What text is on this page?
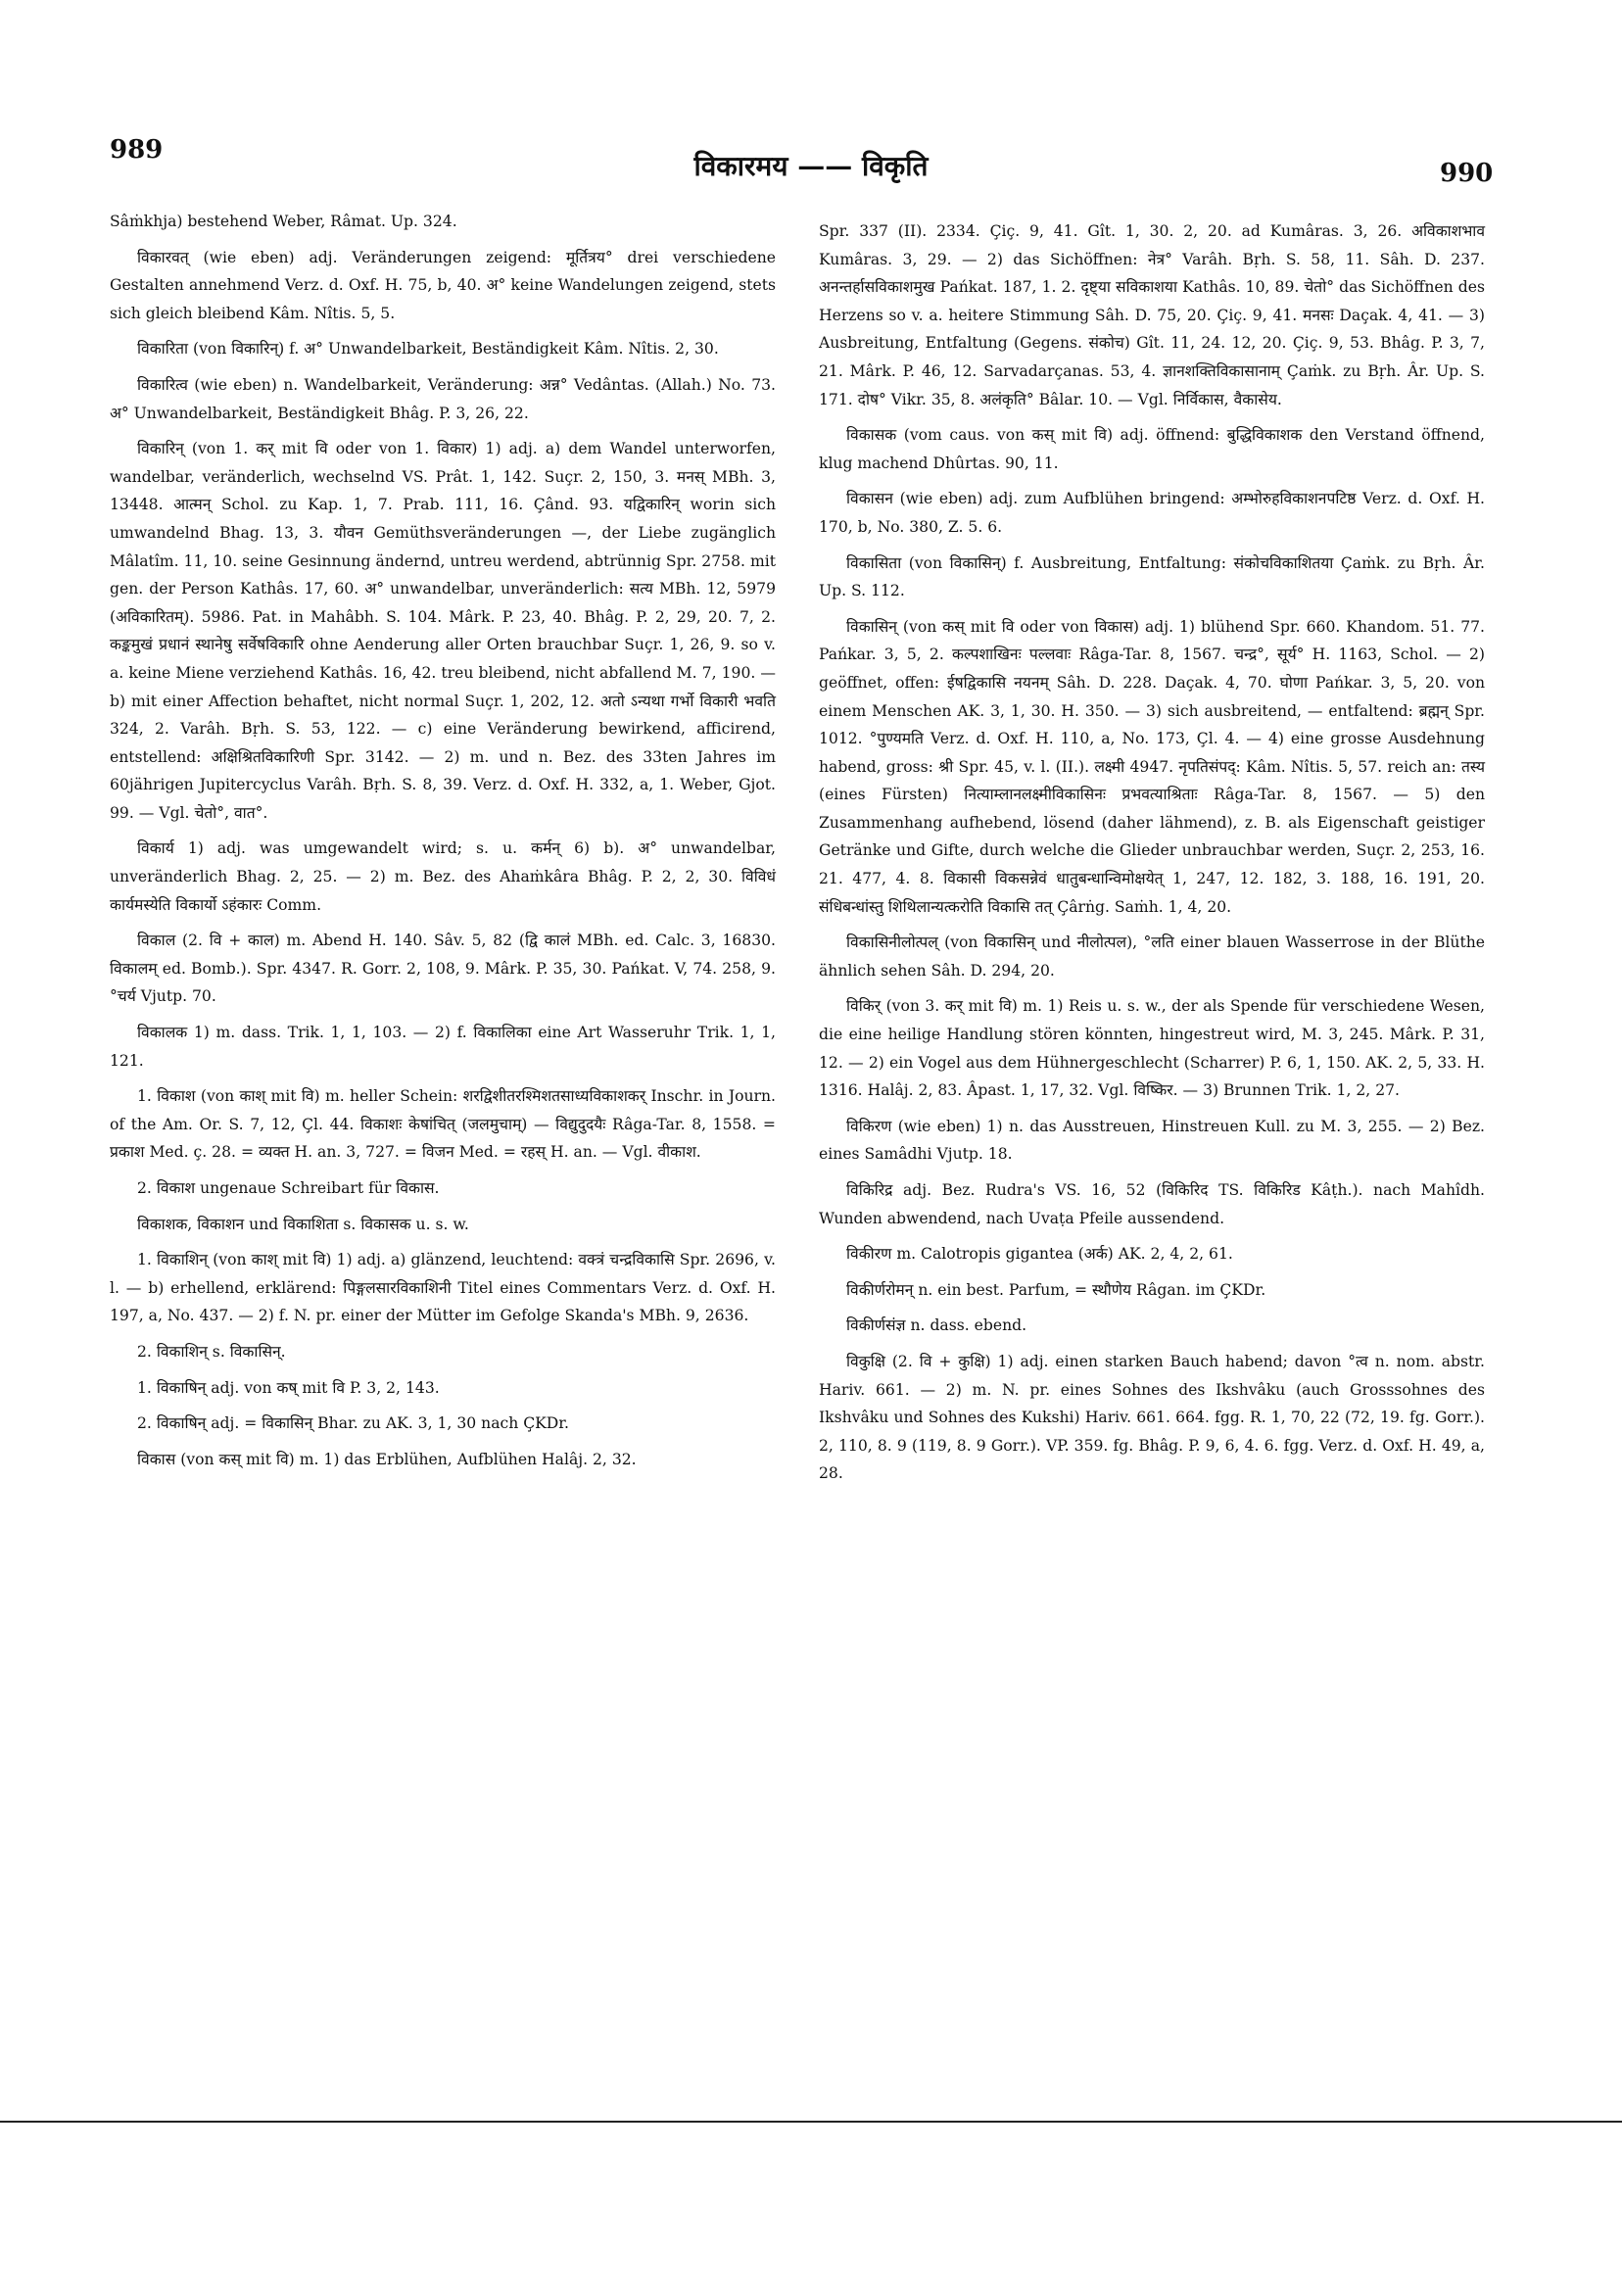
989	विकारमय —— विकृति	990

Sâṁkhja) bestehend Weber, Râmat. Up. 324.

विकारवत् (wie eben) adj. Veränderungen zeigend: मूर्तित्रय° drei verschiedene Gestalten annehmend Verz. d. Oxf. H. 75, b, 40. अ° keine Wandelungen zeigend, stets sich gleich bleibend Kâm. Nîtis. 5, 5.

विकारिता (von विकारिन्) f. अ° Unwandelbarkeit, Beständigkeit Kâm. Nîtis. 2, 30.

विकारित्व (wie eben) n. Wandelbarkeit, Veränderung: अन्न° Vedântas. (Allah.) No. 73. अ° Unwandelbarkeit, Beständigkeit Bhâg. P. 3, 26, 22.

विकारिन् (von 1. कर् mit वि oder von 1. विकार) 1) adj. a) dem Wandel unterworfen, wandelbar, veränderlich, wechselnd VS. Prât. 1, 142. Suçr. 2, 150, 3. मनस् MBh. 3, 13448. आत्मन् Schol. zu Kap. 1, 7. Prab. 111, 16. Çând. 93. यद्विकारिन् worin sich umwandelnd Bhag. 13, 3. यौवन Gemüthsveränderungen —, der Liebe zugänglich Mâlatîm. 11, 10. seine Gesinnung ändernd, untreu werdend, abtrünnig Spr. 2758. mit gen. der Person Kathâs. 17, 60. अ° unwandelbar, unveränderlich: सत्य MBh. 12, 5979 (अविकारितम्). 5986. Pat. in Mahâbh. S. 104. Mârk. P. 23, 40. Bhâg. P. 2, 29, 20. 7, 2. कङ्कमुखं प्रधानं स्थानेषु सर्वेषविकारि ohne Aenderung aller Orten brauchbar Suçr. 1, 26, 9. so v. a. keine Miene verziehend Kathâs. 16, 42. treu bleibend, nicht abfallend M. 7, 190. — b) mit einer Affection behaftet, nicht normal Suçr. 1, 202, 12. अतो ऽन्यथा गर्भो विकारी भवति 324, 2. Varâh. Bṛh. S. 53, 122. — c) eine Veränderung bewirkend, afficirend, entstellend: अक्षिश्रितविकारिणी Spr. 3142. — 2) m. und n. Bez. des 33ten Jahres im 60jährigen Jupitercyclus Varâh. Bṛh. S. 8, 39. Verz. d. Oxf. H. 332, a, 1. Weber, Gjot. 99. — Vgl. चेतो°, वात°.

विकार्य 1) adj. was umgewandelt wird; s. u. कर्मन् 6) b). अ° unwandelbar, unveränderlich Bhag. 2, 25. — 2) m. Bez. des Ahaṁkâra Bhâg. P. 2, 2, 30. विविधं कार्यमस्येति विकार्यो ऽहंकारः Comm.

विकाल (2. वि + काल) m. Abend H. 140. Sâv. 5, 82 (द्वि कालं MBh. ed. Calc. 3, 16830. विकालम् ed. Bomb.). Spr. 4347. R. Gorr. 2, 108, 9. Mârk. P. 35, 30. Pańkat. V, 74. 258, 9. °चर्य Vjutp. 70.

विकालक 1) m. dass. Trik. 1, 1, 103. — 2) f. विकालिका eine Art Wasseruhr Trik. 1, 1, 121.

1. विकाश (von काश् mit वि) m. heller Schein: शरद्विशीतरश्मिशतसाध्यविकाशकर् Inschr. in Journ. of the Am. Or. S. 7, 12, Çl. 44. विकाशः केषांचित् (जलमुचाम्) — विद्युदुदयैः Râga-Tar. 8, 1558. = प्रकाश Med. ç. 28. = व्यक्त H. an. 3, 727. = विजन Med. = रहस् H. an. — Vgl. वीकाश.

2. विकाश ungenaue Schreibart für विकास.

विकाशक, विकाशन und विकाशिता s. विकासक u. s. w.

1. विकाशिन् (von काश् mit वि) 1) adj. a) glänzend, leuchtend: वक्त्रं चन्द्रविकासि Spr. 2696, v. l. — b) erhellend, erklärend: पिङ्गलसारविकाशिनी Titel eines Commentars Verz. d. Oxf. H. 197, a, No. 437. — 2) f. N. pr. einer der Mütter im Gefolge Skanda's MBh. 9, 2636.

2. विकाशिन् s. विकासिन्.

1. विकाषिन् adj. von कष् mit वि P. 3, 2, 143.

2. विकाषिन् adj. = विकासिन् Bhar. zu AK. 3, 1, 30 nach ÇKDr.

विकास (von कस् mit वि) m. 1) das Erblühen, Aufblühen Halâj. 2, 32.

Spr. 337 (II). 2334. Çiç. 9, 41. Gît. 1, 30. 2, 20. ad Kumâras. 3, 26. अविकाशभाव Kumâras. 3, 29. — 2) das Sichöffnen: नेत्र° Varâh. Bṛh. S. 58, 11. Sâh. D. 237. अनन्तर्हासविकाशमुख Pańkat. 187, 1. 2. दृष्ट्या सविकाशया Kathâs. 10, 89. चेतो° das Sichöffnen des Herzens so v. a. heitere Stimmung Sâh. D. 75, 20. Çiç. 9, 41. मनसः Daçak. 4, 41. — 3) Ausbreitung, Entfaltung (Gegens. संकोच) Gît. 11, 24. 12, 20. Çiç. 9, 53. Bhâg. P. 3, 7, 21. Mârk. P. 46, 12. Sarvadarçanas. 53, 4. ज्ञानशक्तिविकासानाम् Çaṁk. zu Bṛh. Âr. Up. S. 171. दोष° Vikr. 35, 8. अलंकृति° Bâlar. 10. — Vgl. निर्विकास, वैकासेय.

विकासक (vom caus. von कस् mit वि) adj. öffnend: बुद्धिविकाशक den Verstand öffnend, klug machend Dhûrtas. 90, 11.

विकासन (wie eben) adj. zum Aufblühen bringend: अम्भोरुहविकाशनपटिष्ठ Verz. d. Oxf. H. 170, b, No. 380, Z. 5. 6.

विकासिता (von विकासिन्) f. Ausbreitung, Entfaltung: संकोचविकाशितया Çaṁk. zu Bṛh. Âr. Up. S. 112.

विकासिन् (von कस् mit वि oder von विकास) adj. 1) blühend Spr. 660. Khandom. 51. 77. Pańkar. 3, 5, 2. कल्पशाखिनः पल्लवाः Râga-Tar. 8, 1567. चन्द्र°, सूर्य° H. 1163, Schol. — 2) geöffnet, offen: ईषद्विकासि नयनम् Sâh. D. 228. Daçak. 4, 70. घोणा Pańkar. 3, 5, 20. von einem Menschen AK. 3, 1, 30. H. 350. — 3) sich ausbreitend, — entfaltend: ब्रह्मन् Spr. 1012. °पुण्यमति Verz. d. Oxf. H. 110, a, No. 173, Çl. 4. — 4) eine grosse Ausdehnung habend, gross: श्री Spr. 45, v. l. (II.). लक्ष्मी 4947. नृपतिसंपद्: Kâm. Nîtis. 5, 57. reich an: तस्य (eines Fürsten) नित्याम्लानलक्ष्मीविकासिनः प्रभवत्याश्रिताः Râga-Tar. 8, 1567. — 5) den Zusammenhang aufhebend, lösend (daher lähmend), z. B. als Eigenschaft geistiger Getränke und Gifte, durch welche die Glieder unbrauchbar werden, Suçr. 2, 253, 16. 21. 477, 4. 8. विकासी विकसन्नेवं धातुबन्धान्विमोक्षयेत् 1, 247, 12. 182, 3. 188, 16. 191, 20. संधिबन्धांस्तु शिथिलान्यत्करोति विकासि तत् Çârṅg. Saṁh. 1, 4, 20.

विकासिनीलोत्पल् (von विकासिन् und नीलोत्पल), °लति einer blauen Wasserrose in der Blüthe ähnlich sehen Sâh. D. 294, 20.

विकिर् (von 3. कर् mit वि) m. 1) Reis u. s. w., der als Spende für verschiedene Wesen, die eine heilige Handlung stören könnten, hingestreut wird, M. 3, 245. Mârk. P. 31, 12. — 2) ein Vogel aus dem Hühnergeschlecht (Scharrer) P. 6, 1, 150. AK. 2, 5, 33. H. 1316. Halâj. 2, 83. Âpast. 1, 17, 32. Vgl. विष्किर. — 3) Brunnen Trik. 1, 2, 27.

विकिरण (wie eben) 1) n. das Ausstreuen, Hinstreuen Kull. zu M. 3, 255. — 2) Bez. eines Samâdhi Vjutp. 18.

विकिरिद्र adj. Bez. Rudra's VS. 16, 52 (विकिरिद TS. विकिरिड Kâṭh.). nach Mahîdh. Wunden abwendend, nach Uvaṭa Pfeile aussendend.

विकीरण m. Calotropis gigantea (अर्क) AK. 2, 4, 2, 61.

विकीर्णरोमन् n. ein best. Parfum, = स्थौणेय Râgan. im ÇKDr.

विकीर्णसंज्ञ n. dass. ebend.

विकुक्षि (2. वि + कुक्षि) 1) adj. einen starken Bauch habend; davon °त्व n. nom. abstr. Hariv. 661. — 2) m. N. pr. eines Sohnes des Ikshvâku (auch Grosssohnes des Ikshvâku und Sohnes des Kukshi) Hariv. 661. 664. fgg. R. 1, 70, 22 (72, 19. fg. Gorr.). 2, 110, 8. 9 (119, 8. 9 Gorr.). VP. 359. fg. Bhâg. P. 9, 6, 4. 6. fgg. Verz. d. Oxf. H. 49, a, 28.
